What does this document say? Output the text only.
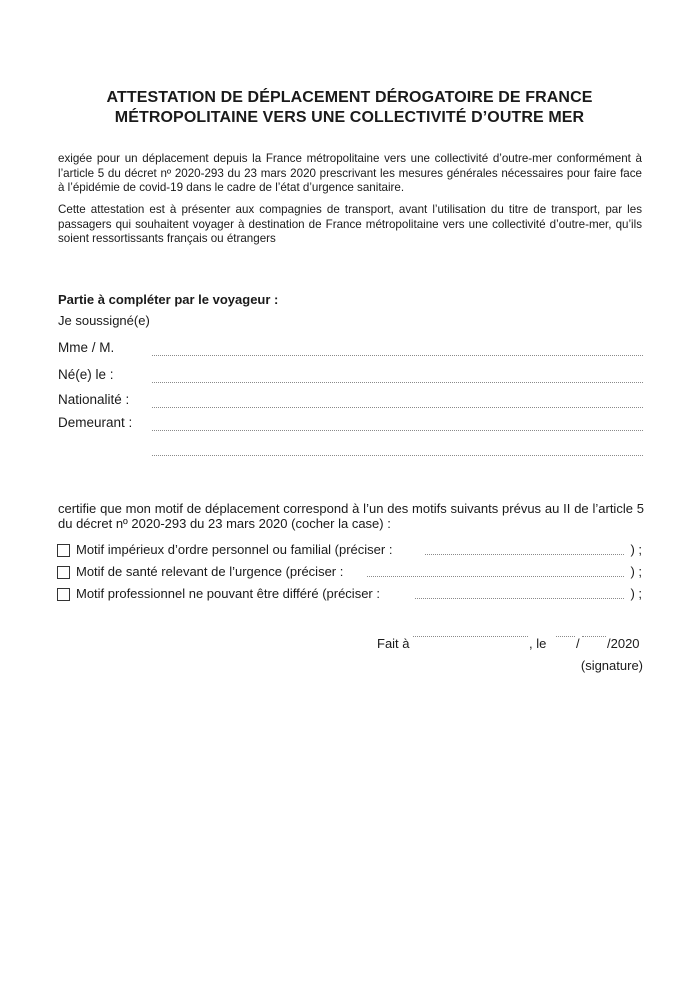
ATTESTATION DE DÉPLACEMENT DÉROGATOIRE DE FRANCE
MÉTROPOLITAINE VERS UNE COLLECTIVITÉ D’OUTRE MER

exigée pour un déplacement depuis la France métropolitaine vers une collectivité d’outre-mer conformément à l’article 5 du décret nº 2020-293 du 23 mars 2020 prescrivant les mesures générales nécessaires pour faire face à l’épidémie de covid-19 dans le cadre de l’état d’urgence sanitaire.

Cette attestation est à présenter aux compagnies de transport, avant l’utilisation du titre de transport, par les passagers qui souhaitent voyager à destination de France métropolitaine vers une collectivité d’outre-mer, qu’ils soient ressortissants français ou étrangers

Partie à compléter par le voyageur :

Je soussigné(e)

Mme / M.
Né(e) le :
Nationalité :
Demeurant :

certifie que mon motif de déplacement correspond à l’un des motifs suivants prévus au II de l’article 5 du décret nº 2020-293 du 23 mars 2020 (cocher la case) :

Motif impérieux d’ordre personnel ou familial (préciser :	) ;
Motif de santé relevant de l’urgence (préciser :	) ;
Motif professionnel ne pouvant être différé (préciser :	) ;
Fait à	, le / /2020

(signature)
